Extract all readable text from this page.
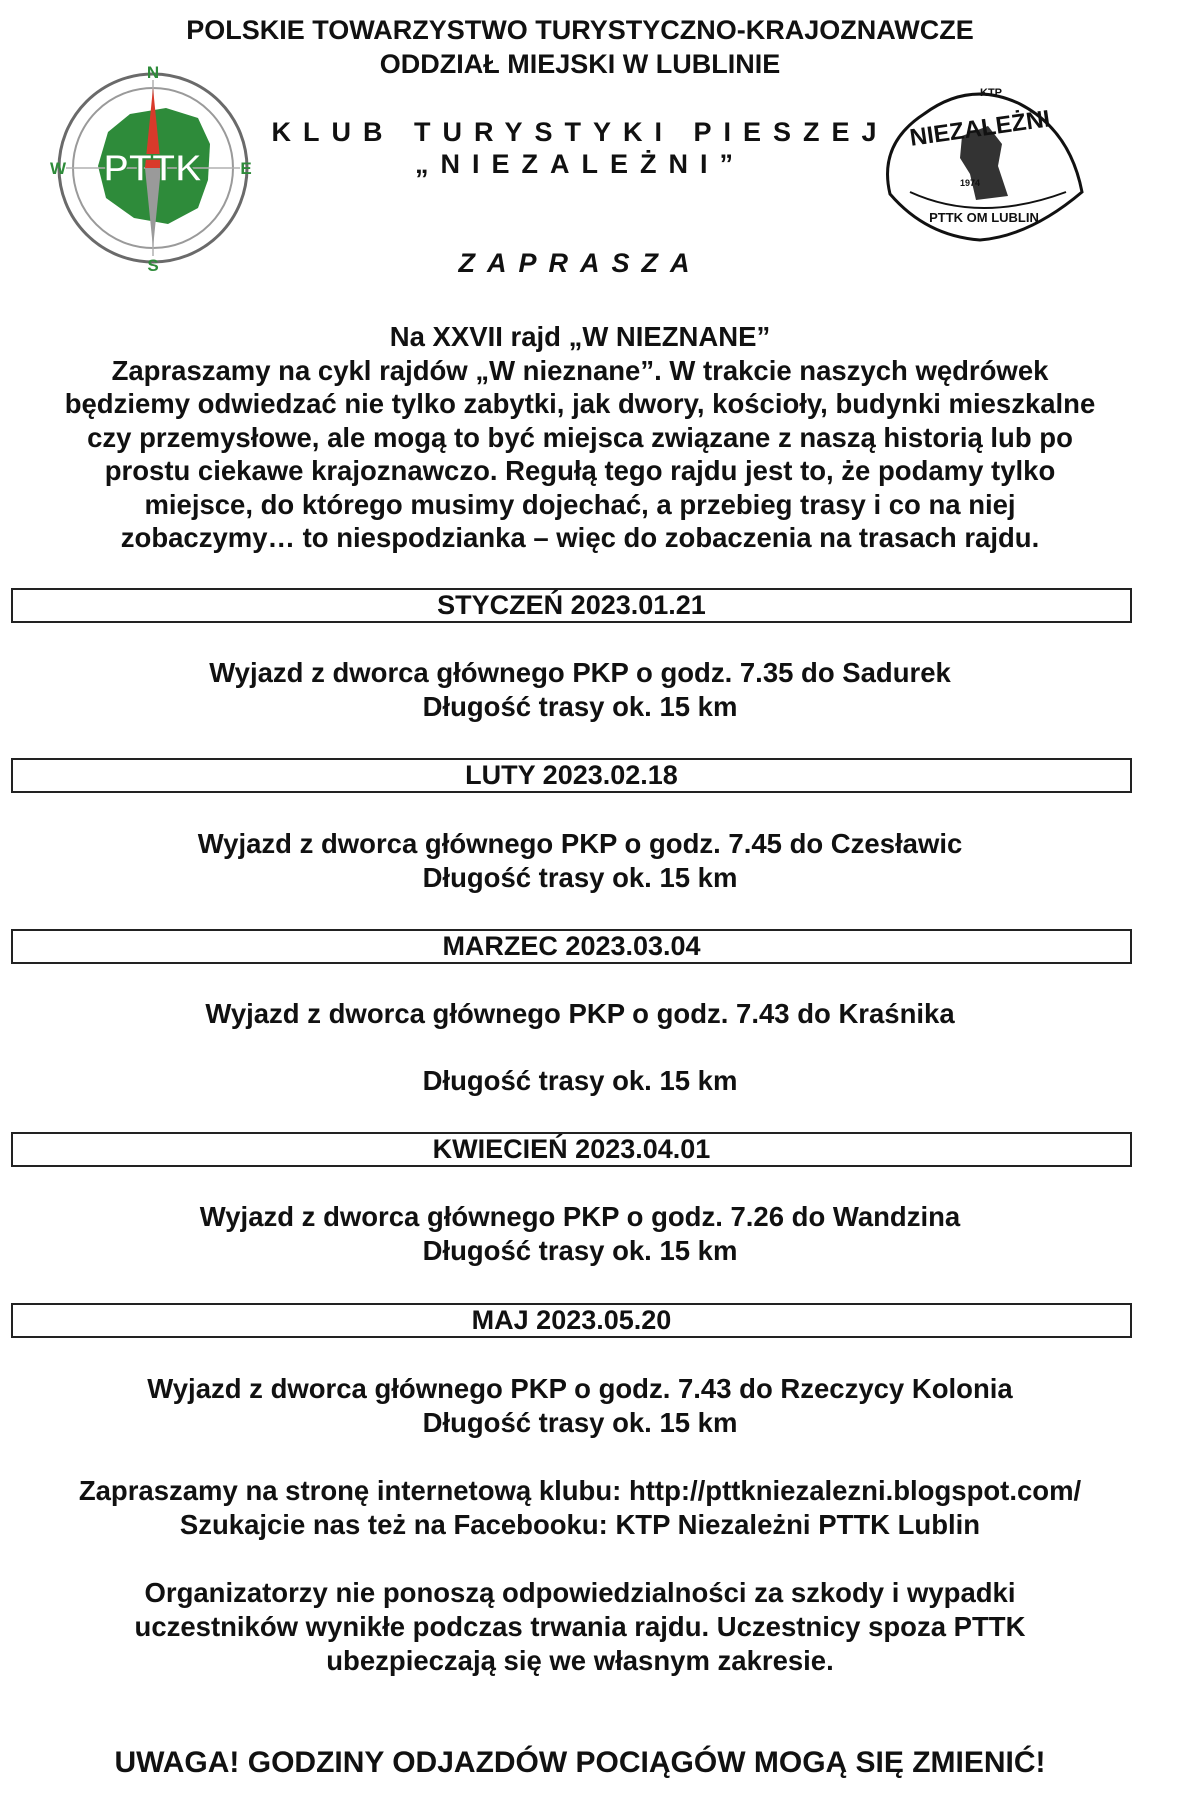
POLSKIE TOWARZYSTWO TURYSTYCZNO-KRAJOZNAWCZE
ODDZIAŁ MIEJSKI W LUBLINIE
KLUB TURYSTYKI PIESZEJ
„NIEZALEŻNI”
ZAPRASZA
PTTK
N
S
W	E
KTP
NIEZALEŻNI
1974
PTTK OM LUBLIN
Na XXVII rajd „W NIEZNANE”
Zapraszamy na cykl rajdów „W nieznane”. W trakcie naszych wędrówek
będziemy odwiedzać nie tylko zabytki, jak dwory, kościoły, budynki mieszkalne
czy przemysłowe, ale mogą to być miejsca związane z naszą historią lub po
prostu ciekawe krajoznawczo. Regułą tego rajdu jest to, że podamy tylko
miejsce, do którego musimy dojechać, a przebieg trasy i co na niej
zobaczymy… to niespodzianka – więc do zobaczenia na trasach rajdu.
STYCZEŃ 2023.01.21
Wyjazd z dworca głównego PKP o godz. 7.35 do Sadurek
Długość trasy ok. 15 km
LUTY 2023.02.18
Wyjazd z dworca głównego PKP o godz. 7.45 do Czesławic
Długość trasy ok. 15 km
MARZEC 2023.03.04
Wyjazd z dworca głównego PKP o godz. 7.43 do Kraśnika
Długość trasy ok. 15 km
KWIECIEŃ 2023.04.01
Wyjazd z dworca głównego PKP o godz. 7.26 do Wandzina
Długość trasy ok. 15 km
MAJ 2023.05.20
Wyjazd z dworca głównego PKP o godz. 7.43 do Rzeczycy Kolonia
Długość trasy ok. 15 km
Zapraszamy na stronę internetową klubu: http://pttkniezalezni.blogspot.com/
Szukajcie nas też na Facebooku: KTP Niezależni PTTK Lublin
Organizatorzy nie ponoszą odpowiedzialności za szkody i wypadki
uczestników wynikłe podczas trwania rajdu. Uczestnicy spoza PTTK
ubezpieczają się we własnym zakresie.
UWAGA! GODZINY ODJAZDÓW POCIĄGÓW MOGĄ SIĘ ZMIENIĆ!
